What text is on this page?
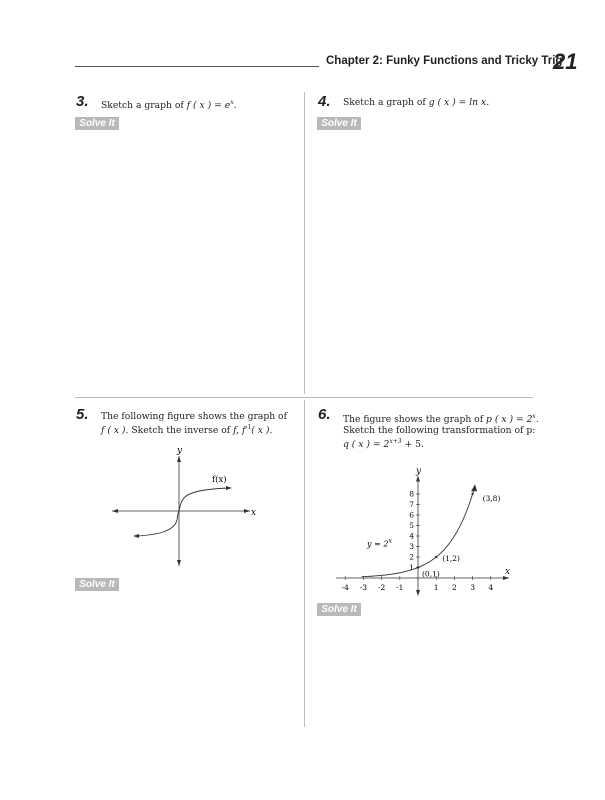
Chapter 2: Funky Functions and Tricky Trig
21
3. Sketch a graph of f ( x ) = $e^x$.
Solve It
4. Sketch a graph of g ( x ) = ln x.
Solve It
5. The following figure shows the graph of
f ( x ). Sketch the inverse of f, $f^{-1}$( x ).
x
y
f(x)
Solve It
6. The figure shows the graph of p ( x ) = $2^x$.
Sketch the following transformation of p:
q ( x ) = $2^{x+3} + 5$.
-4 -3 -2 -1	1 2 3 4
1
2
3
4
5
6
7
8
(0,1)
(1,2)
(3,8)
x
y
$y = 2^x$
Solve It
